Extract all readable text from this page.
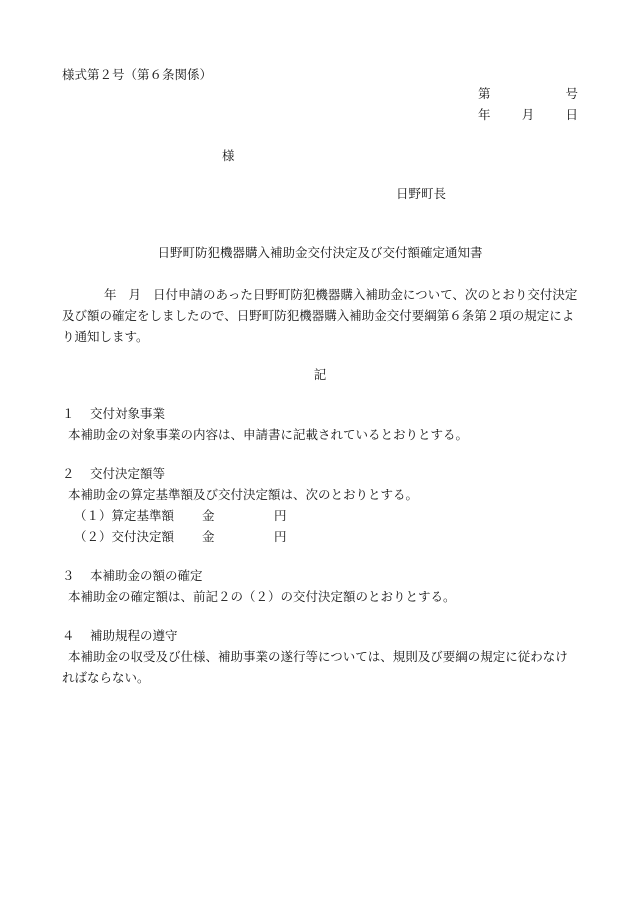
様式第２号（第６条関係）
第	号
年 月 日
様
日野町長
日野町防犯機器購入補助金交付決定及び交付額確定通知書
年 月 日付申請のあった日野町防犯機器購入補助金について、次のとおり交付決定及び額の確定をしましたので、日野町防犯機器購入補助金交付要綱第６条第２項の規定により通知します。
記
１ 交付対象事業
本補助金の対象事業の内容は、申請書に記載されているとおりとする。
２ 交付決定額等
本補助金の算定基準額及び交付決定額は、次のとおりとする。
（１）算定基準額	金	円
（２）交付決定額	金	円
３ 本補助金の額の確定
本補助金の確定額は、前記２の（２）の交付決定額のとおりとする。
４ 補助規程の遵守
本補助金の収受及び仕様、補助事業の遂行等については、規則及び要綱の規定に従わなければならない。
